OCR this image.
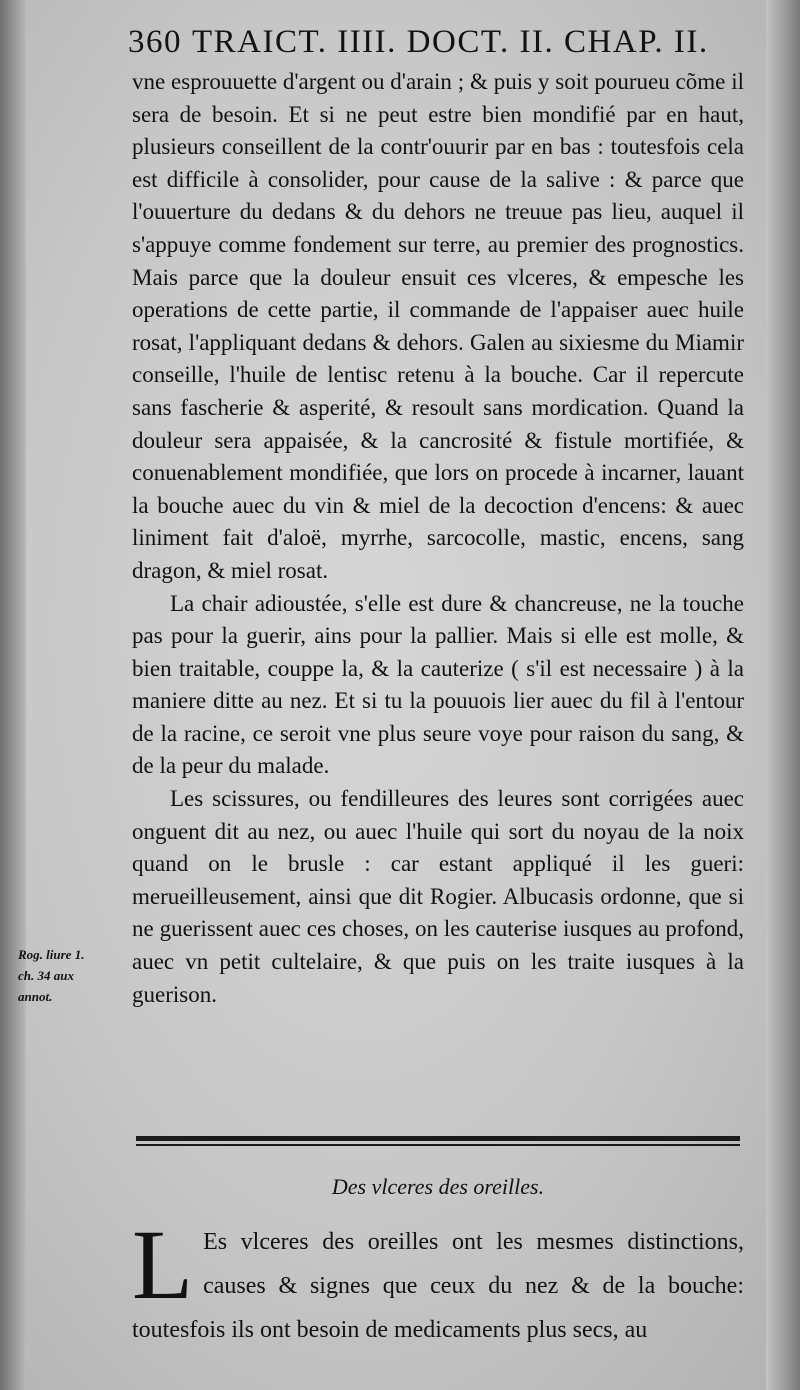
360 TRAICT. IIII. DOCT. II. CHAP. II.

vne esprouuette d'argent ou d'arain ; & puis y soit pourueu cõme il sera de besoin. Et si ne peut estre bien mondifié par en haut, plusieurs conseillent de la contr'ouurir par en bas : toutesfois cela est difficile à consolider, pour cause de la salive : & parce que l'ouuerture du dedans & du dehors ne treuue pas lieu, auquel il s'appuye comme fondement sur terre, au premier des prognostics. Mais parce que la douleur ensuit ces vlceres, & empesche les operations de cette partie, il commande de l'appaiser auec huile rosat, l'appliquant dedans & dehors. Galen au sixiesme du Miamir conseille, l'huile de lentisc retenu à la bouche. Car il repercute sans fascherie & asperité, & resoult sans mordication. Quand la douleur sera appaisée, & la cancrosité & fistule mortifiée, & conuenablement mondifiée, que lors on procede à incarner, lauant la bouche auec du vin & miel de la decoction d'encens: & auec liniment fait d'aloë, myrrhe, sarcocolle, mastic, encens, sang dragon, & miel rosat.

La chair adioustée, s'elle est dure & chancreuse, ne la touche pas pour la guerir, ains pour la pallier. Mais si elle est molle, & bien traitable, couppe la, & la cauterize ( s'il est necessaire ) à la maniere ditte au nez. Et si tu la pouuois lier auec du fil à l'entour de la racine, ce seroit vne plus seure voye pour raison du sang, & de la peur du malade.

Les scissures, ou fendilleures des leures sont corrigées auec onguent dit au nez, ou auec l'huile qui sort du noyau de la noix quand on le brusle : car estant appliqué il les gueri: merueilleusement, ainsi que dit Rogier. Albucasis ordonne, que si ne guerissent auec ces choses, on les cauterise iusques au profond, auec vn petit cultelaire, & que puis on les traite iusques à la guerison.

Rog. liure 1.
ch. 34 aux
annot.
Des vlceres des oreilles.
L Es vlceres des oreilles ont les mesmes distinctions, causes & signes que ceux du nez & de la bouche: toutesfois ils ont besoin de medicaments plus secs, au
